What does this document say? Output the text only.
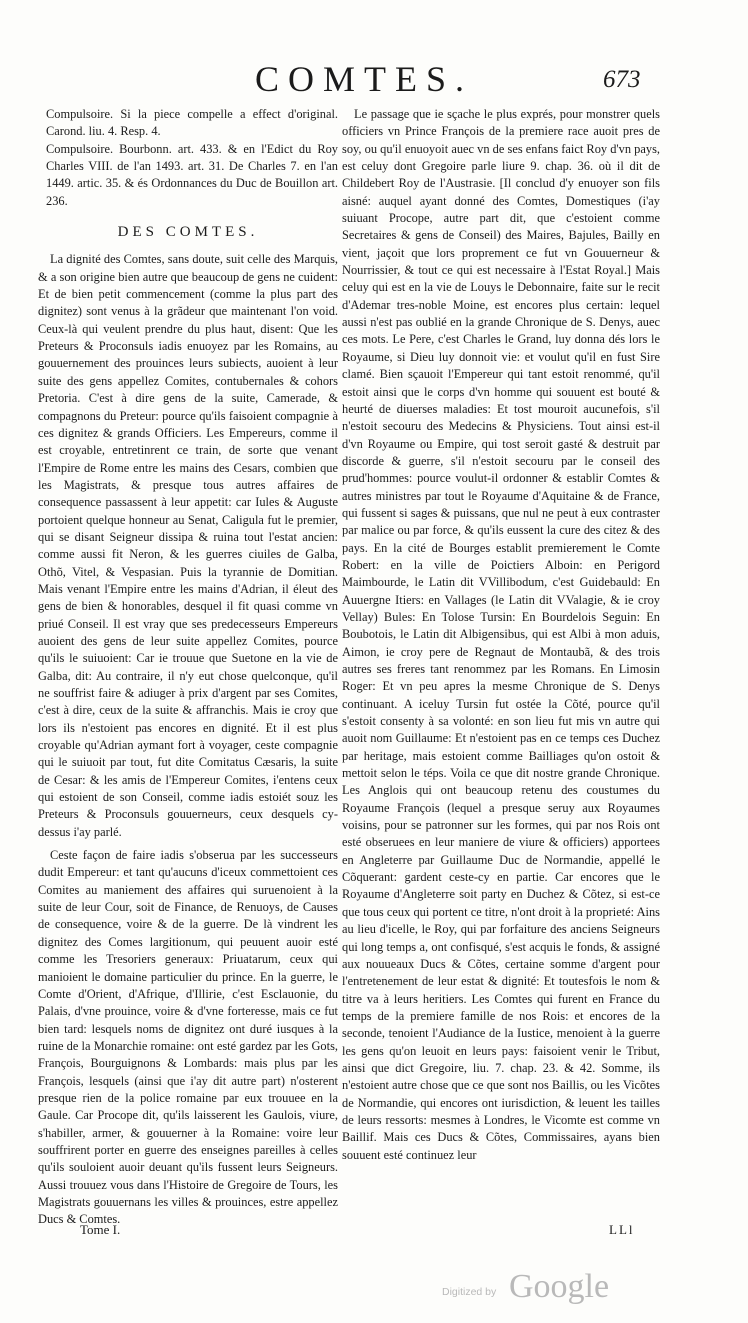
COMTES.	673

Compulsoire. Si la piece compelle a effect d'original. Carond. liu. 4. Resp. 4.

Compulsoire. Bourbonn. art. 433. & en l'Edict du Roy Charles VIII. de l'an 1493. art. 31. De Charles 7. en l'an 1449. artic. 35. & és Ordonnances du Duc de Bouillon art. 236.

DES COMTES.

La dignité des Comtes, sans doute, suit celle des Marquis, & a son origine bien autre que beaucoup de gens ne cuident: Et de bien petit commencement (comme la plus part des dignitez) sont venus à la grãdeur que maintenant l'on void. Ceux-là qui veulent prendre du plus haut, disent: Que les Preteurs & Proconsuls iadis enuoyez par les Romains, au gouuernement des prouinces leurs subiects, auoient à leur suite des gens appellez Comites, contubernales & cohors Pretoria. C'est à dire gens de la suite, Camerade, & compagnons du Preteur: pource qu'ils faisoient compagnie à ces dignitez & grands Officiers. Les Empereurs, comme il est croyable, entretinrent ce train, de sorte que venant l'Empire de Rome entre les mains des Cesars, combien que les Magistrats, & presque tous autres affaires de consequence passassent à leur appetit: car Iules & Auguste portoient quelque honneur au Senat, Caligula fut le premier, qui se disant Seigneur dissipa & ruina tout l'estat ancien: comme aussi fit Neron, & les guerres ciuiles de Galba, Othõ, Vitel, & Vespasian. Puis la tyrannie de Domitian. Mais venant l'Empire entre les mains d'Adrian, il éleut des gens de bien & honorables, desquel il fit quasi comme vn priué Conseil. Il est vray que ses predecesseurs Empereurs auoient des gens de leur suite appellez Comites, pource qu'ils le suiuoient: Car ie trouue que Suetone en la vie de Galba, dit: Au contraire, il n'y eut chose quelconque, qu'il ne souffrist faire & adiuger à prix d'argent par ses Comites, c'est à dire, ceux de la suite & affranchis. Mais ie croy que lors ils n'estoient pas encores en dignité. Et il est plus croyable qu'Adrian aymant fort à voyager, ceste compagnie qui le suiuoit par tout, fut dite Comitatus Cæsaris, la suite de Cesar: & les amis de l'Empereur Comites, i'entens ceux qui estoient de son Conseil, comme iadis estoiét souz les Preteurs & Proconsuls gouuerneurs, ceux desquels cy-dessus i'ay parlé.

Ceste façon de faire iadis s'obserua par les successeurs dudit Empereur: et tant qu'aucuns d'iceux commettoient ces Comites au maniement des affaires qui suruenoient à la suite de leur Cour, soit de Finance, de Renuoys, de Causes de consequence, voire & de la guerre. De là vindrent les dignitez des Comes largitionum, qui peuuent auoir esté comme les Tresoriers generaux: Priuatarum, ceux qui manioient le domaine particulier du prince. En la guerre, le Comte d'Orient, d'Afrique, d'Illirie, c'est Esclauonie, du Palais, d'vne prouince, voire & d'vne forteresse, mais ce fut bien tard: lesquels noms de dignitez ont duré iusques à la ruine de la Monarchie romaine: ont esté gardez par les Gots, François, Bourguignons & Lombards: mais plus par les François, lesquels (ainsi que i'ay dit autre part) n'osterent presque rien de la police romaine par eux trouuee en la Gaule. Car Procope dit, qu'ils laisserent les Gaulois, viure, s'habiller, armer, & gouuerner à la Romaine: voire leur souffrirent porter en guerre des enseignes pareilles à celles qu'ils souloient auoir deuant qu'ils fussent leurs Seigneurs. Aussi trouuez vous dans l'Histoire de Gregoire de Tours, les Magistrats gouuernans les villes & prouinces, estre appellez Ducs & Comtes.

Le passage que ie sçache le plus exprés, pour monstrer quels officiers vn Prince François de la premiere race auoit pres de soy, ou qu'il enuoyoit auec vn de ses enfans faict Roy d'vn pays, est celuy dont Gregoire parle liure 9. chap. 36. où il dit de Childebert Roy de l'Austrasie. [Il conclud d'y enuoyer son fils aisné: auquel ayant donné des Comtes, Domestiques (i'ay suiuant Procope, autre part dit, que c'estoient comme Secretaires & gens de Conseil) des Maires, Bajules, Bailly en vient, jaçoit que lors proprement ce fut vn Gouuerneur & Nourrissier, & tout ce qui est necessaire à l'Estat Royal.] Mais celuy qui est en la vie de Louys le Debonnaire, faite sur le recit d'Ademar tres-noble Moine, est encores plus certain: lequel aussi n'est pas oublié en la grande Chronique de S. Denys, auec ces mots. Le Pere, c'est Charles le Grand, luy donna dés lors le Royaume, si Dieu luy donnoit vie: et voulut qu'il en fust Sire clamé. Bien sçauoit l'Empereur qui tant estoit renommé, qu'il estoit ainsi que le corps d'vn homme qui souuent est bouté & heurté de diuerses maladies: Et tost mouroit aucunefois, s'il n'estoit secouru des Medecins & Physiciens. Tout ainsi est-il d'vn Royaume ou Empire, qui tost seroit gasté & destruit par discorde & guerre, s'il n'estoit secouru par le conseil des prud'hommes: pource voulut-il ordonner & establir Comtes & autres ministres par tout le Royaume d'Aquitaine & de France, qui fussent si sages & puissans, que nul ne peut à eux contraster par malice ou par force, & qu'ils eussent la cure des citez & des pays. En la cité de Bourges establit premierement le Comte Robert: en la ville de Poictiers Alboin: en Perigord Maimbourde, le Latin dit VVillibodum, c'est Guidebauld: En Auuergne Itiers: en Vallages (le Latin dit VValagie, & ie croy Vellay) Bules: En Tolose Tursin: En Bourdelois Seguin: En Boubotois, le Latin dit Albigensibus, qui est Albi à mon aduis, Aimon, ie croy pere de Regnaut de Montaubã, & des trois autres ses freres tant renommez par les Romans. En Limosin Roger: Et vn peu apres la mesme Chronique de S. Denys continuant. A iceluy Tursin fut ostée la Cõté, pource qu'il s'estoit consenty à sa volonté: en son lieu fut mis vn autre qui auoit nom Guillaume: Et n'estoient pas en ce temps ces Duchez par heritage, mais estoient comme Bailliages qu'on ostoit & mettoit selon le téps. Voila ce que dit nostre grande Chronique. Les Anglois qui ont beaucoup retenu des coustumes du Royaume François (lequel a presque seruy aux Royaumes voisins, pour se patronner sur les formes, qui par nos Rois ont esté obseruees en leur maniere de viure & officiers) apportees en Angleterre par Guillaume Duc de Normandie, appellé le Cõquerant: gardent ceste-cy en partie. Car encores que le Royaume d'Angleterre soit party en Duchez & Cõtez, si est-ce que tous ceux qui portent ce titre, n'ont droit à la proprieté: Ains au lieu d'icelle, le Roy, qui par forfaiture des anciens Seigneurs qui long temps a, ont confisqué, s'est acquis le fonds, & assigné aux nouueaux Ducs & Cõtes, certaine somme d'argent pour l'entretenement de leur estat & dignité: Et toutesfois le nom & titre va à leurs heritiers. Les Comtes qui furent en France du temps de la premiere famille de nos Rois: et encores de la seconde, tenoient l'Audiance de la Iustice, menoient à la guerre les gens qu'on leuoit en leurs pays: faisoient venir le Tribut, ainsi que dict Gregoire, liu. 7. chap. 23. & 42. Somme, ils n'estoient autre chose que ce que sont nos Baillis, ou les Vicõtes de Normandie, qui encores ont iurisdiction, & leuent les tailles de leurs ressorts: mesmes à Londres, le Vicomte est comme vn Baillif. Mais ces Ducs & Cõtes, Commissaires, ayans bien souuent esté continuez leur

Tome I.	LLl
Digitized by Google
